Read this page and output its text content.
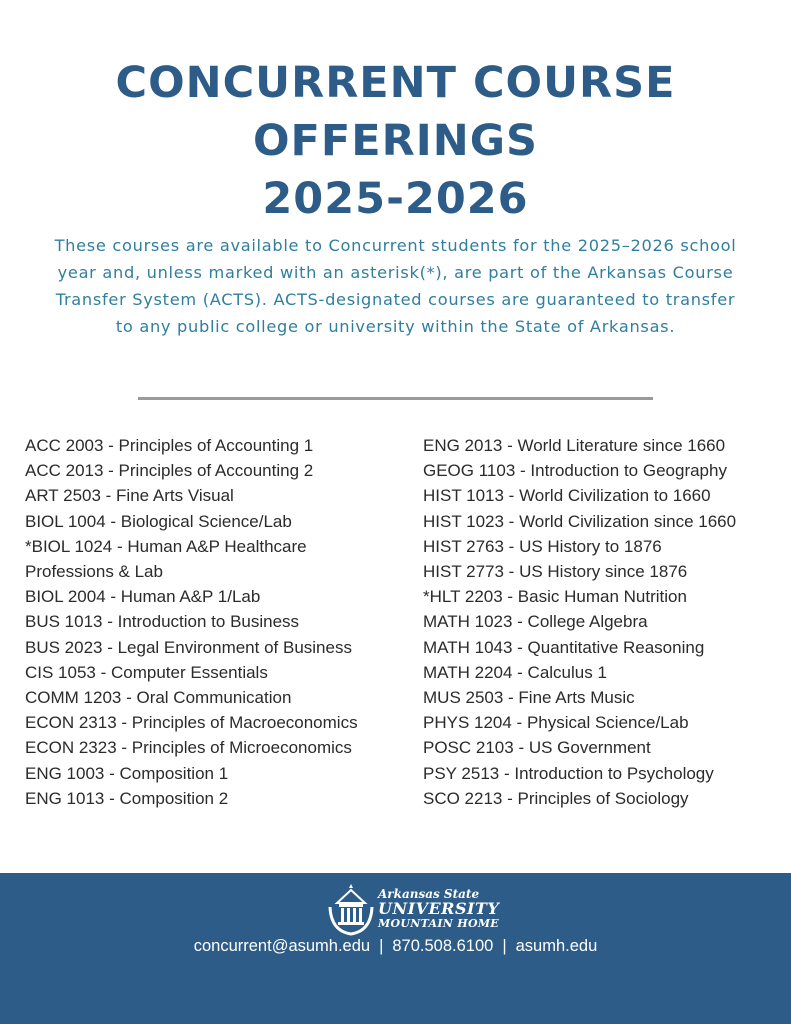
CONCURRENT COURSE
OFFERINGS
2025-2026
These courses are available to Concurrent students for the 2025–2026 school year and, unless marked with an asterisk(*), are part of the Arkansas Course Transfer System (ACTS). ACTS-designated courses are guaranteed to transfer to any public college or university within the State of Arkansas.
ACC 2003 - Principles of Accounting 1
ACC 2013 - Principles of Accounting 2
ART 2503 - Fine Arts Visual
BIOL 1004 - Biological Science/Lab
*BIOL 1024 - Human A&P Healthcare Professions & Lab
BIOL 2004 - Human A&P 1/Lab
BUS 1013 - Introduction to Business
BUS 2023 - Legal Environment of Business
CIS 1053 - Computer Essentials
COMM 1203 - Oral Communication
ECON 2313 - Principles of Macroeconomics
ECON 2323 - Principles of Microeconomics
ENG 1003 - Composition 1
ENG 1013 - Composition 2
ENG 2013 - World Literature since 1660
GEOG 1103 - Introduction to Geography
HIST 1013 - World Civilization to 1660
HIST 1023 - World Civilization since 1660
HIST 2763 - US History to 1876
HIST 2773 - US History since 1876
*HLT 2203 - Basic Human Nutrition
MATH 1023 - College Algebra
MATH 1043 - Quantitative Reasoning
MATH 2204 - Calculus 1
MUS 2503 - Fine Arts Music
PHYS 1204 - Physical Science/Lab
POSC 2103 - US Government
PSY 2513 - Introduction to Psychology
SCO 2213 - Principles of Sociology
Arkansas State
UNIVERSITY
MOUNTAIN HOME
concurrent@asumh.edu | 870.508.6100 | asumh.edu
